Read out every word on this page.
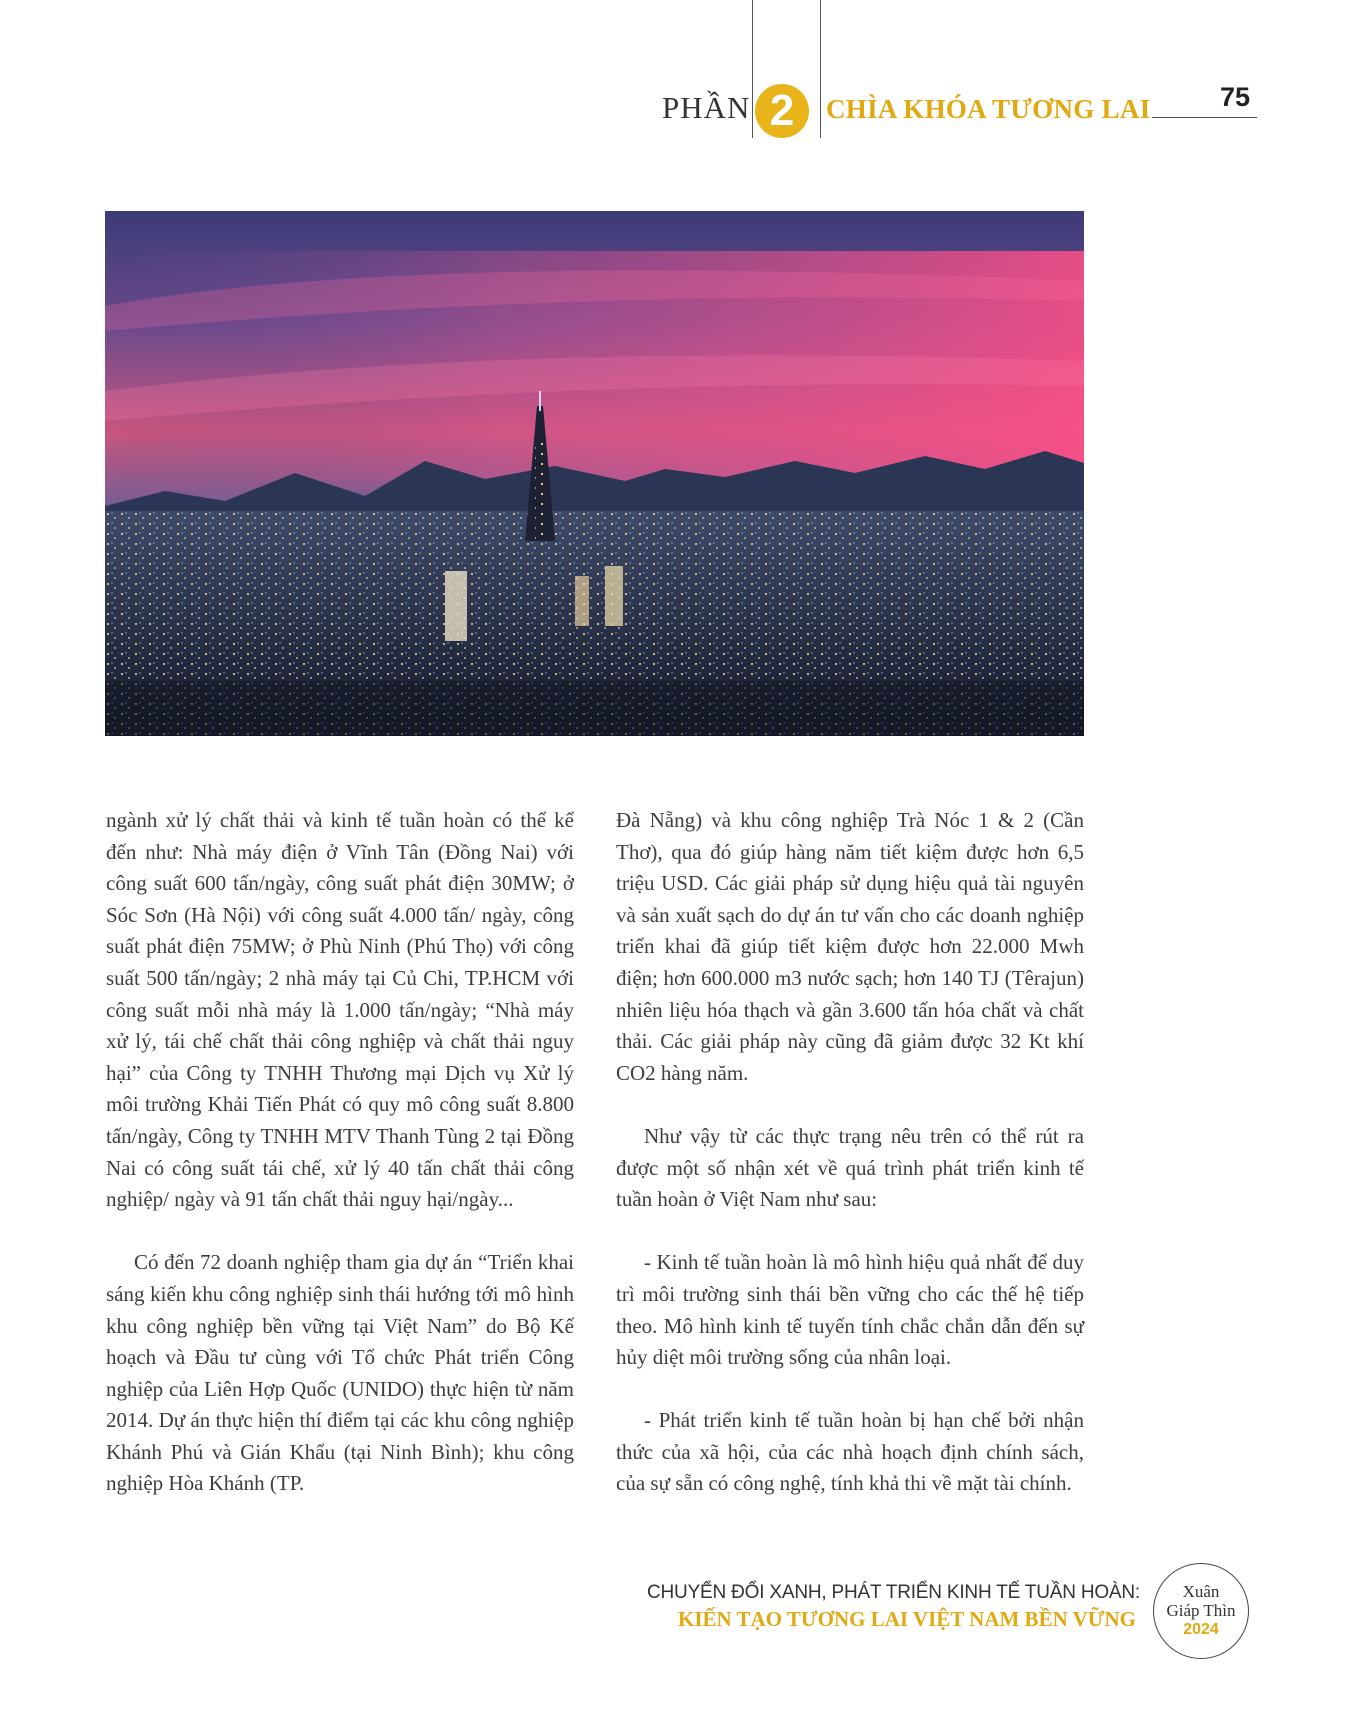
PHẦN 2	CHÌA KHÓA TƯƠNG LAI	75

ngành xử lý chất thải và kinh tế tuần hoàn có thể kể đến như: Nhà máy điện ở Vĩnh Tân (Đồng Nai) với công suất 600 tấn/ngày, công suất phát điện 30MW; ở Sóc Sơn (Hà Nội) với công suất 4.000 tấn/ ngày, công suất phát điện 75MW; ở Phù Ninh (Phú Thọ) với công suất 500 tấn/ngày; 2 nhà máy tại Củ Chi, TP.HCM với công suất mỗi nhà máy là 1.000 tấn/ngày; “Nhà máy xử lý, tái chế chất thải công nghiệp và chất thải nguy hại” của Công ty TNHH Thương mại Dịch vụ Xử lý môi trường Khải Tiến Phát có quy mô công suất 8.800 tấn/ngày, Công ty TNHH MTV Thanh Tùng 2 tại Đồng Nai có công suất tái chế, xử lý 40 tấn chất thải công nghiệp/ ngày và 91 tấn chất thải nguy hại/ngày...

Có đến 72 doanh nghiệp tham gia dự án “Triển khai sáng kiến khu công nghiệp sinh thái hướng tới mô hình khu công nghiệp bền vững tại Việt Nam” do Bộ Kế hoạch và Đầu tư cùng với Tổ chức Phát triển Công nghiệp của Liên Hợp Quốc (UNIDO) thực hiện từ năm 2014. Dự án thực hiện thí điểm tại các khu công nghiệp Khánh Phú và Gián Khẩu (tại Ninh Bình); khu công nghiệp Hòa Khánh (TP.

Đà Nẵng) và khu công nghiệp Trà Nóc 1 & 2 (Cần Thơ), qua đó giúp hàng năm tiết kiệm được hơn 6,5 triệu USD. Các giải pháp sử dụng hiệu quả tài nguyên và sản xuất sạch do dự án tư vấn cho các doanh nghiệp triển khai đã giúp tiết kiệm được hơn 22.000 Mwh điện; hơn 600.000 m3 nước sạch; hơn 140 TJ (Têrajun) nhiên liệu hóa thạch và gần 3.600 tấn hóa chất và chất thải. Các giải pháp này cũng đã giảm được 32 Kt khí CO2 hàng năm.

Như vậy từ các thực trạng nêu trên có thể rút ra được một số nhận xét về quá trình phát triển kinh tế tuần hoàn ở Việt Nam như sau:

- Kinh tế tuần hoàn là mô hình hiệu quả nhất để duy trì môi trường sinh thái bền vững cho các thế hệ tiếp theo. Mô hình kinh tế tuyến tính chắc chắn dẫn đến sự hủy diệt môi trường sống của nhân loại.

- Phát triển kinh tế tuần hoàn bị hạn chế bởi nhận thức của xã hội, của các nhà hoạch định chính sách, của sự sẵn có công nghệ, tính khả thi về mặt tài chính.

CHUYỂN ĐỔI XANH, PHÁT TRIỂN KINH TẾ TUẦN HOÀN:
KIẾN TẠO TƯƠNG LAI VIỆT NAM BỀN VỮNG
Xuân
Giáp Thìn
2024
